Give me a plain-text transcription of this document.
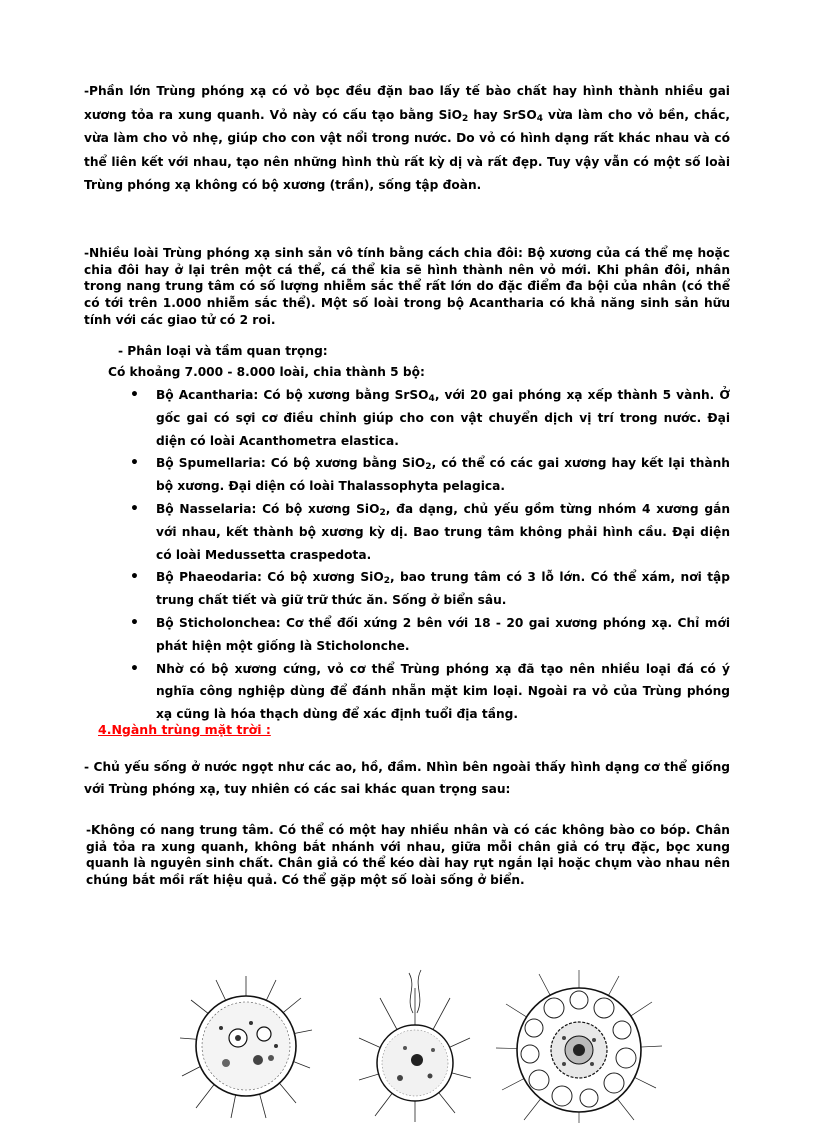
-Phần lớn Trùng phóng xạ có vỏ bọc đều đặn bao lấy tế bào chất hay hình thành nhiều gai xương tỏa ra xung quanh. Vỏ này có cấu tạo bằng SiO$_2$ hay SrSO$_4$ vừa làm cho vỏ bền, chắc, vừa làm cho vỏ nhẹ, giúp cho con vật nổi trong nước. Do vỏ có hình dạng rất khác nhau và có thể liên kết với nhau, tạo nên những hình thù rất kỳ dị và rất đẹp. Tuy vậy vẫn có một số loài Trùng phóng xạ không có bộ xương (trần), sống tập đoàn.
-Nhiều loài Trùng phóng xạ sinh sản vô tính bằng cách chia đôi: Bộ xương của cá thể mẹ hoặc chia đôi hay ở lại trên một cá thể, cá thể kia sẽ hình thành nên vỏ mới. Khi phân đôi, nhân trong nang trung tâm có số lượng nhiễm sắc thể rất lớn do đặc điểm đa bội của nhân (có thể có tới trên 1.000 nhiễm sắc thể). Một số loài trong bộ Acantharia có khả năng sinh sản hữu tính với các giao tử có 2 roi.
- Phân loại và tầm quan trọng:
Có khoảng 7.000 - 8.000 loài, chia thành 5 bộ:
• Bộ Acantharia: Có bộ xương bằng SrSO$_4$, với 20 gai phóng xạ xếp thành 5 vành. Ở gốc gai có sợi cơ điều chỉnh giúp cho con vật chuyển dịch vị trí trong nước. Đại diện có loài Acanthometra elastica.
• Bộ Spumellaria: Có bộ xương bằng SiO$_2$, có thể có các gai xương hay kết lại thành bộ xương. Đại diện có loài Thalassophyta pelagica.
• Bộ Nasselaria: Có bộ xương SiO$_2$, đa dạng, chủ yếu gồm từng nhóm 4 xương gắn với nhau, kết thành bộ xương kỳ dị. Bao trung tâm không phải hình cầu. Đại diện có loài Medussetta craspedota.
• Bộ Phaeodaria: Có bộ xương SiO$_2$, bao trung tâm có 3 lỗ lớn. Có thể xám, nơi tập trung chất tiết và giữ trữ thức ăn. Sống ở biển sâu.
• Bộ Sticholonchea: Cơ thể đối xứng 2 bên với 18 - 20 gai xương phóng xạ. Chỉ mới phát hiện một giống là Sticholonche.
• Nhờ có bộ xương cứng, vỏ cơ thể Trùng phóng xạ đã tạo nên nhiều loại đá có ý nghĩa công nghiệp dùng để đánh nhẵn mặt kim loại. Ngoài ra vỏ của Trùng phóng xạ cũng là hóa thạch dùng để xác định tuổi địa tầng.
4.Ngành trùng mặt trời :
- Chủ yếu sống ở nước ngọt như các ao, hồ, đầm. Nhìn bên ngoài thấy hình dạng cơ thể giống với Trùng phóng xạ, tuy nhiên có các sai khác quan trọng sau:
-Không có nang trung tâm. Có thể có một hay nhiều nhân và có các không bào co bóp. Chân giả tỏa ra xung quanh, không bắt nhánh với nhau, giữa mỗi chân giả có trụ đặc, bọc xung quanh là nguyên sinh chất. Chân giả có thể kéo dài hay rụt ngắn lại hoặc chụm vào nhau nên chúng bắt mồi rất hiệu quả. Có thể gặp một số loài sống ở biển.
